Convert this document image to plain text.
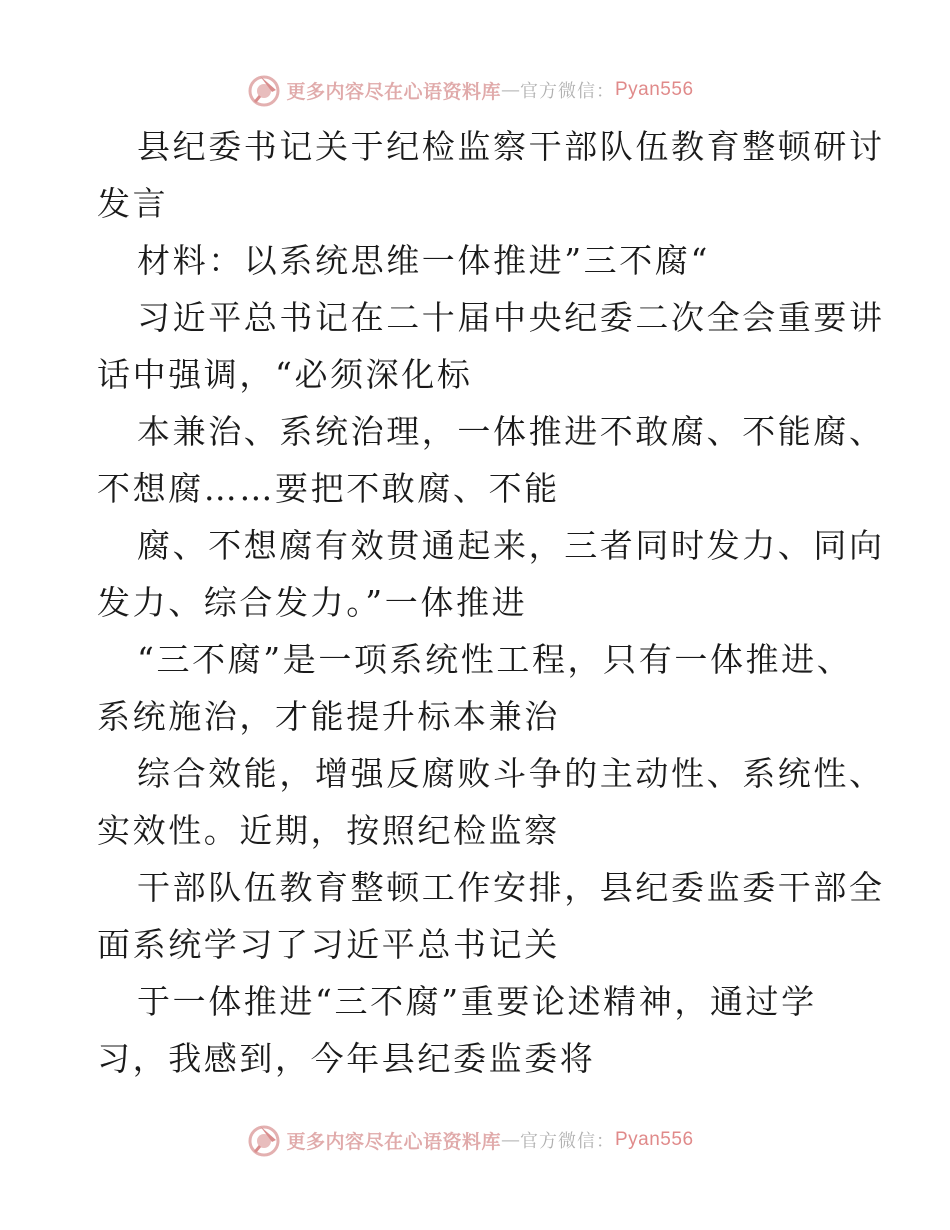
更多内容尽在心语资料库 — 官方微信： Pyan556
县纪委书记关于纪检监察干部队伍教育整顿研讨
发言
材料：以系统思维一体推进”三不腐“
习近平总书记在二十届中央纪委二次全会重要讲
话中强调，“必须深化标
本兼治、系统治理，一体推进不敢腐、不能腐、
不想腐……要把不敢腐、不能
腐、不想腐有效贯通起来，三者同时发力、同向
发力、综合发力。”一体推进
“三不腐”是一项系统性工程，只有一体推进、
系统施治，才能提升标本兼治
综合效能，增强反腐败斗争的主动性、系统性、
实效性。近期，按照纪检监察
干部队伍教育整顿工作安排，县纪委监委干部全
面系统学习了习近平总书记关
于一体推进“三不腐”重要论述精神，通过学
习，我感到，今年县纪委监委将
更多内容尽在心语资料库 — 官方微信： Pyan556
